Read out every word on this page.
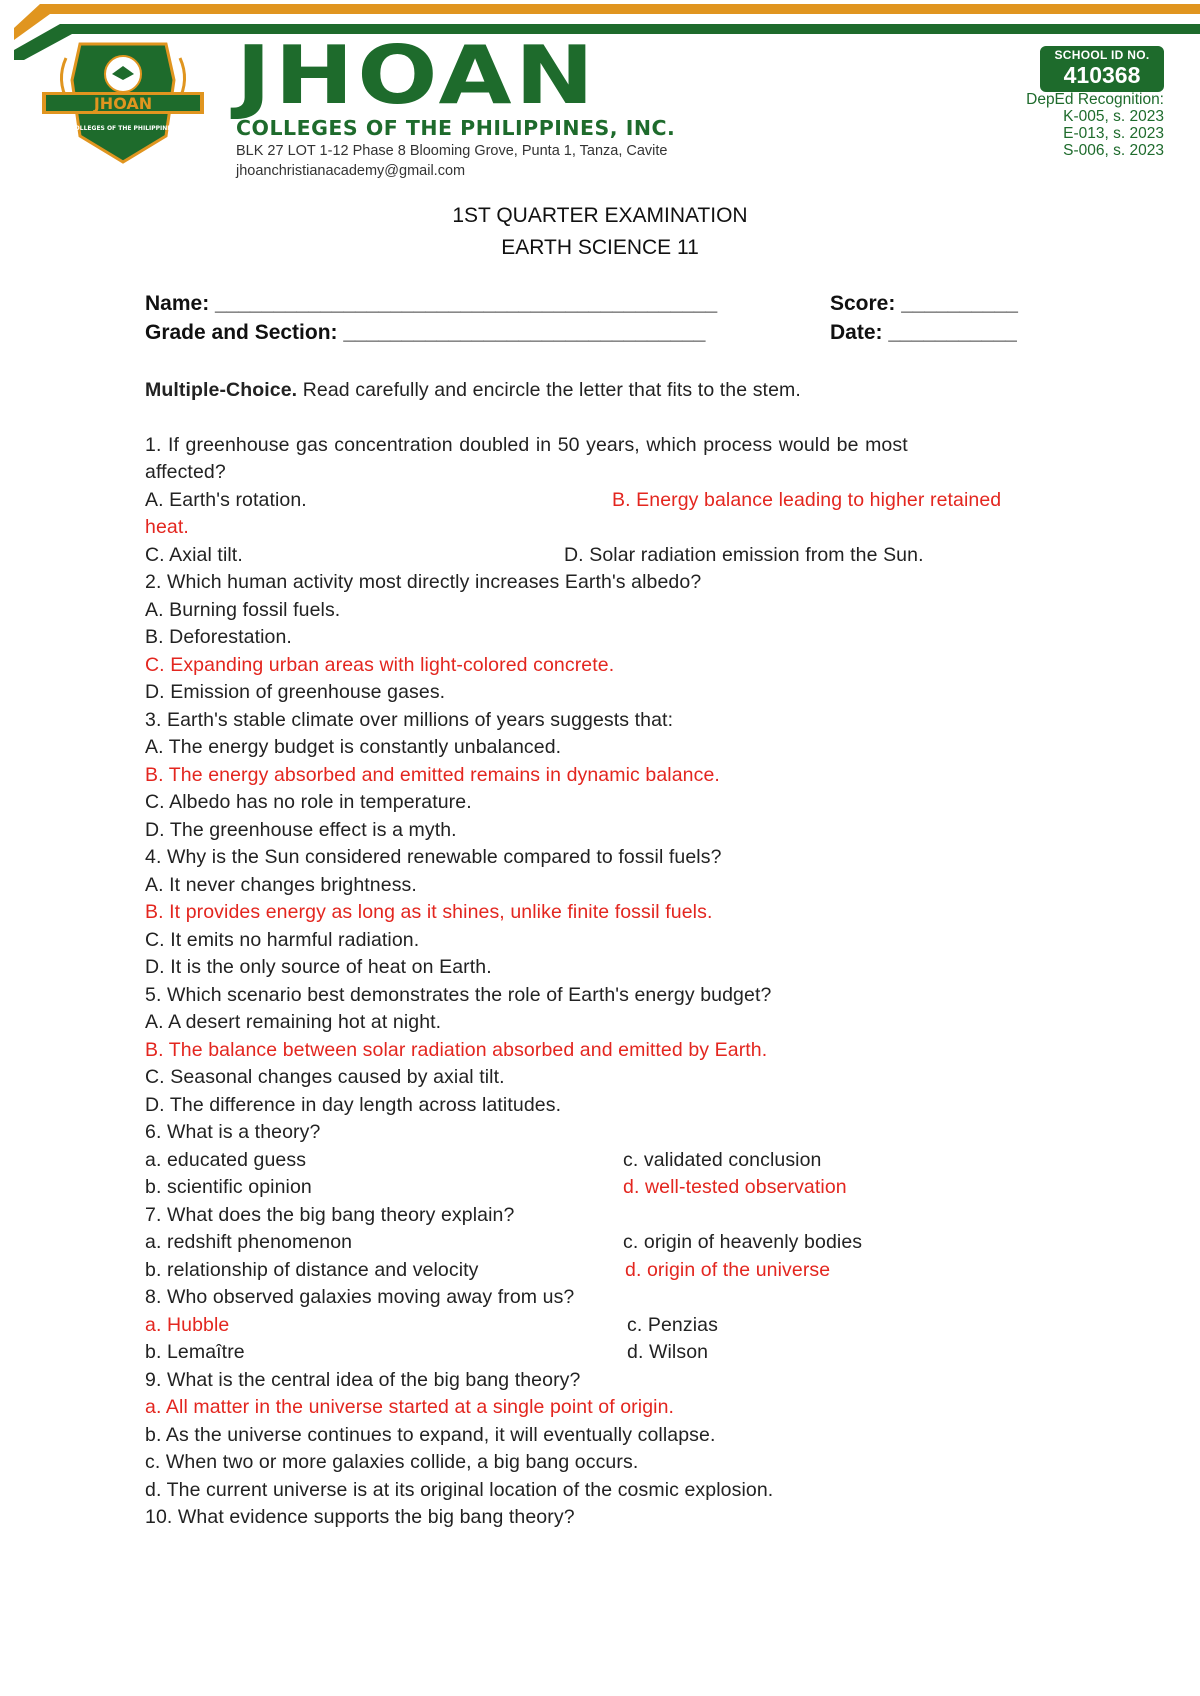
JHOAN
COLLEGES OF THE PHILIPPINES
JHOAN
COLLEGES OF THE PHILIPPINES, INC.
BLK 27 LOT 1-12 Phase 8 Blooming Grove, Punta 1, Tanza, Cavite
jhoanchristianacademy@gmail.com
SCHOOL ID NO.
410368
DepEd Recognition:
K-005, s. 2023
E-013, s. 2023
S-006, s. 2023
1ST QUARTER EXAMINATION
EARTH SCIENCE 11
Name: ___________________________________________	Score: __________
Grade and Section: _______________________________	Date: ___________
Multiple-Choice. Read carefully and encircle the letter that fits to the stem.
1. If greenhouse gas concentration doubled in 50 years, which process would be most
affected?
A. Earth's rotation.	B. Energy balance leading to higher retained
heat.
C. Axial tilt.	D. Solar radiation emission from the Sun.
2. Which human activity most directly increases Earth's albedo?
A. Burning fossil fuels.
B. Deforestation.
C. Expanding urban areas with light-colored concrete.
D. Emission of greenhouse gases.
3. Earth's stable climate over millions of years suggests that:
A. The energy budget is constantly unbalanced.
B. The energy absorbed and emitted remains in dynamic balance.
C. Albedo has no role in temperature.
D. The greenhouse effect is a myth.
4. Why is the Sun considered renewable compared to fossil fuels?
A. It never changes brightness.
B. It provides energy as long as it shines, unlike finite fossil fuels.
C. It emits no harmful radiation.
D. It is the only source of heat on Earth.
5. Which scenario best demonstrates the role of Earth's energy budget?
A. A desert remaining hot at night.
B. The balance between solar radiation absorbed and emitted by Earth.
C. Seasonal changes caused by axial tilt.
D. The difference in day length across latitudes.
6. What is a theory?
a. educated guess	c. validated conclusion
b. scientific opinion	d. well-tested observation
7. What does the big bang theory explain?
a. redshift phenomenon	c. origin of heavenly bodies
b. relationship of distance and velocity	d. origin of the universe
8. Who observed galaxies moving away from us?
a. Hubble	c. Penzias
b. Lemaître	d. Wilson
9. What is the central idea of the big bang theory?
a. All matter in the universe started at a single point of origin.
b. As the universe continues to expand, it will eventually collapse.
c. When two or more galaxies collide, a big bang occurs.
d. The current universe is at its original location of the cosmic explosion.
10. What evidence supports the big bang theory?
